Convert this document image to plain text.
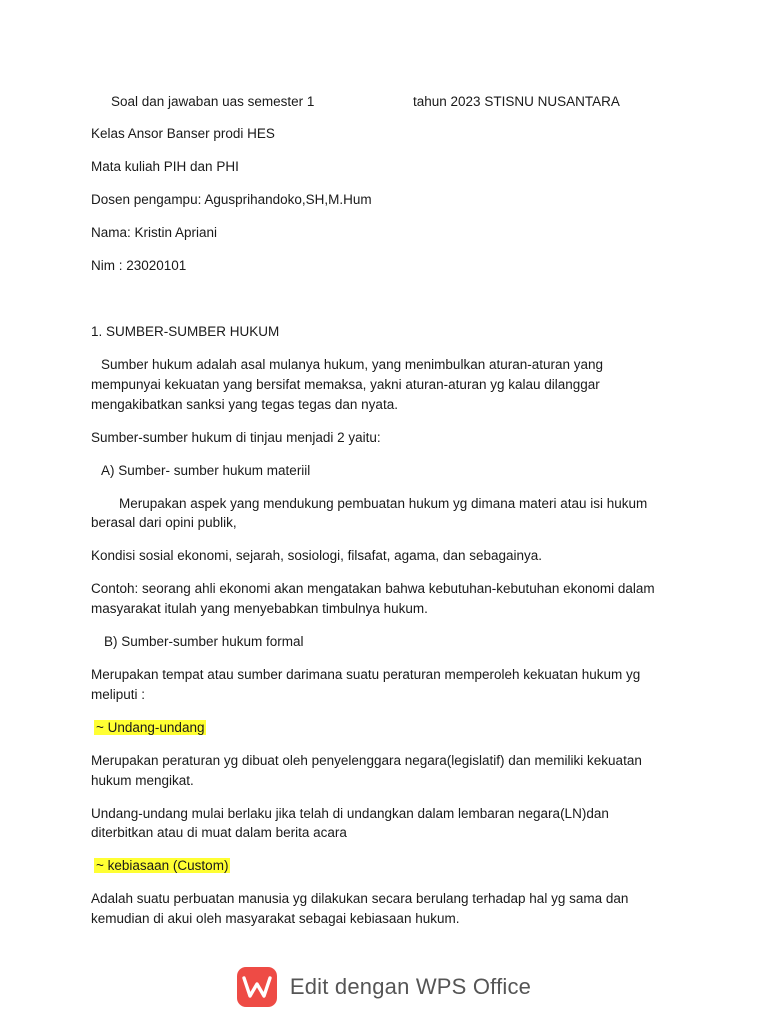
Soal dan jawaban uas semester 1	tahun 2023 STISNU NUSANTARA
Kelas Ansor Banser prodi HES
Mata kuliah PIH dan PHI
Dosen pengampu: Agusprihandoko,SH,M.Hum
Nama: Kristin Apriani
Nim : 23020101
1. SUMBER-SUMBER HUKUM
Sumber hukum adalah asal mulanya hukum, yang menimbulkan aturan-aturan yang
mempunyai kekuatan yang bersifat memaksa, yakni aturan-aturan yg kalau dilanggar
mengakibatkan sanksi yang tegas tegas dan nyata.
Sumber-sumber hukum di tinjau menjadi 2 yaitu:
A) Sumber- sumber hukum materiil
Merupakan aspek yang mendukung pembuatan hukum yg dimana materi atau isi hukum
berasal dari opini publik,
Kondisi sosial ekonomi, sejarah, sosiologi, filsafat, agama, dan sebagainya.
Contoh: seorang ahli ekonomi akan mengatakan bahwa kebutuhan-kebutuhan ekonomi dalam
masyarakat itulah yang menyebabkan timbulnya hukum.
B) Sumber-sumber hukum formal
Merupakan tempat atau sumber darimana suatu peraturan memperoleh kekuatan hukum yg
meliputi :
~ Undang-undang
Merupakan peraturan yg dibuat oleh penyelenggara negara(legislatif) dan memiliki kekuatan
hukum mengikat.
Undang-undang mulai berlaku jika telah di undangkan dalam lembaran negara(LN)dan
diterbitkan atau di muat dalam berita acara
~ kebiasaan (Custom)
Adalah suatu perbuatan manusia yg dilakukan secara berulang terhadap hal yg sama dan
kemudian di akui oleh masyarakat sebagai kebiasaan hukum.
Edit dengan WPS Office
